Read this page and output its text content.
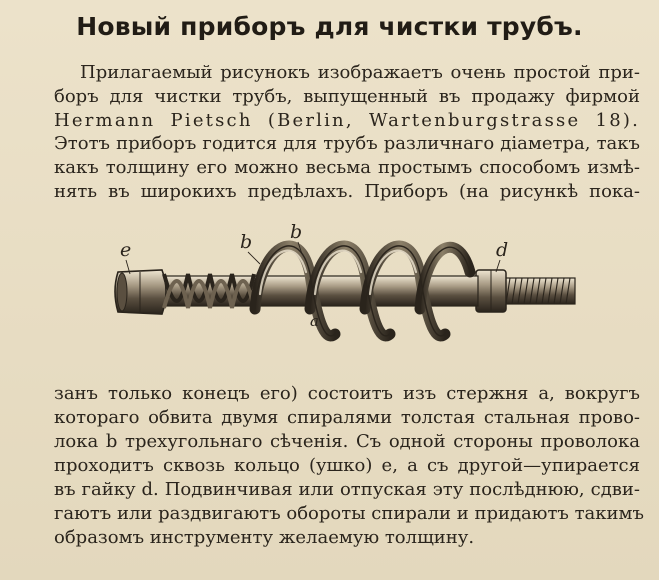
Новый приборъ для чистки трубъ.
Прилагаемый рисунокъ изображаетъ очень простой при-
боръ для чистки трубъ, выпущенный въ продажу фирмой
Hermann Pietsch (Berlin, Wartenburgstrasse 18).
Этотъ приборъ годится для трубъ различнаго діаметра, такъ
какъ толщину его можно весьма простымъ способомъ измѣ-
нять въ широкихъ предѣлахъ. Приборъ (на рисункѣ пока-
e	b b
d
a
занъ только конецъ его) состоитъ изъ стержня a, вокругъ
котораго обвита двумя спиралями толстая стальная прово-
лока b трехугольнаго сѣченія. Съ одной стороны проволока
проходитъ сквозь кольцо (ушко) e, а съ другой—упирается
въ гайку d. Подвинчивая или отпуская эту послѣднюю, сдви-
гаютъ или раздвигаютъ обороты спирали и придаютъ такимъ
образомъ инструменту желаемую толщину.
